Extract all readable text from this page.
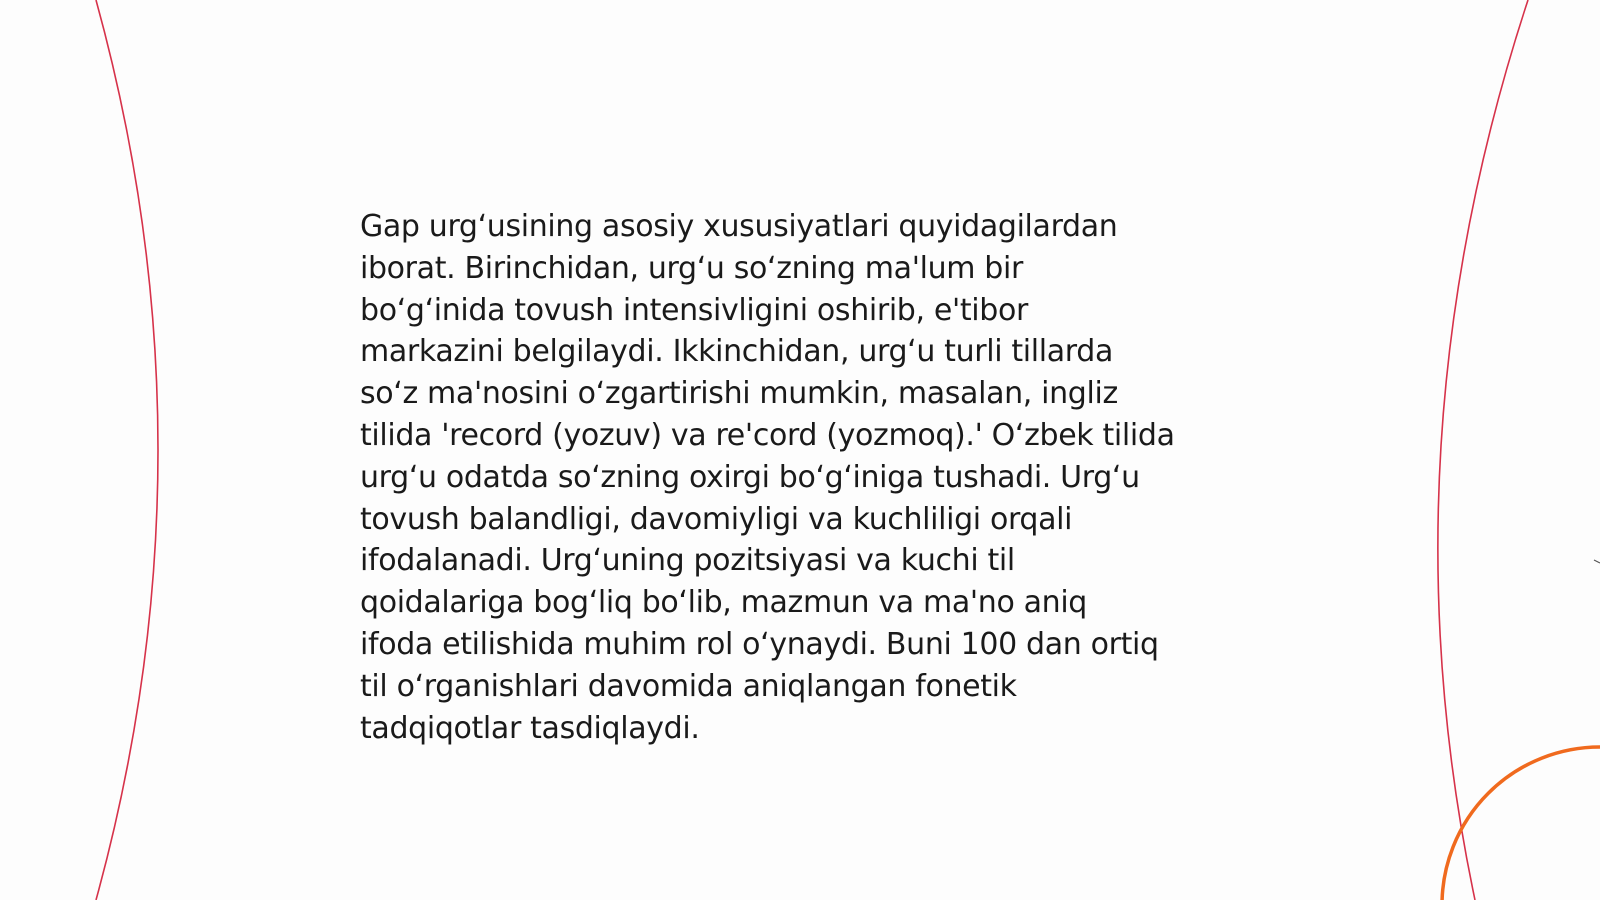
Gap urg‘usining asosiy xususiyatlari quyidagilardan
iborat. Birinchidan, urg‘u so‘zning ma'lum bir
bo‘g‘inida tovush intensivligini oshirib, e'tibor
markazini belgilaydi. Ikkinchidan, urg‘u turli tillarda
so‘z ma'nosini o‘zgartirishi mumkin, masalan, ingliz
tilida 'record (yozuv) va re'cord (yozmoq).' O‘zbek tilida
urg‘u odatda so‘zning oxirgi bo‘g‘iniga tushadi. Urg‘u
tovush balandligi, davomiyligi va kuchliligi orqali
ifodalanadi. Urg‘uning pozitsiyasi va kuchi til
qoidalariga bog‘liq bo‘lib, mazmun va ma'no aniq
ifoda etilishida muhim rol o‘ynaydi. Buni 100 dan ortiq
til o‘rganishlari davomida aniqlangan fonetik
tadqiqotlar tasdiqlaydi.
